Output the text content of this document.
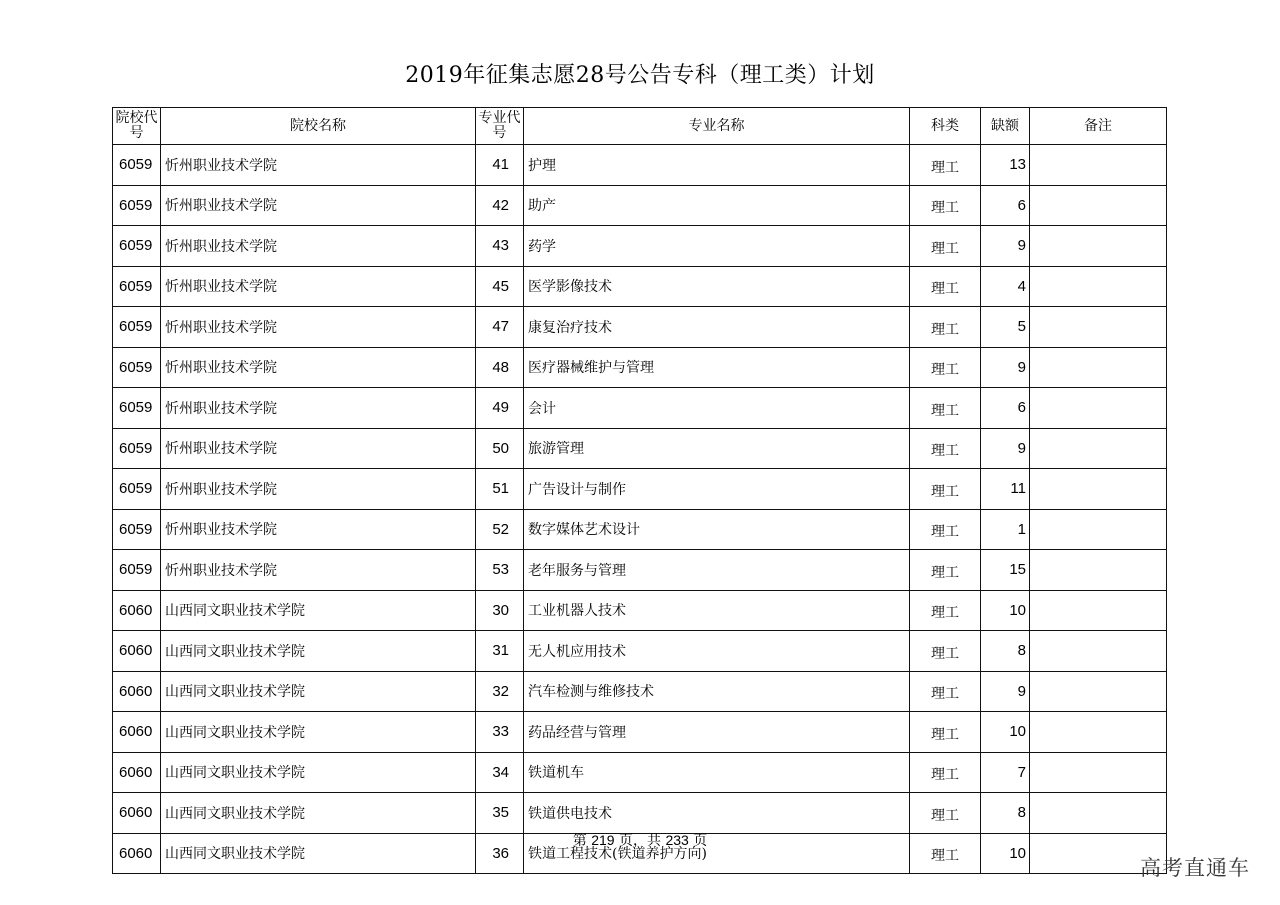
2019年征集志愿28号公告专科（理工类）计划
院校代号	院校名称	专业代号	专业名称	科类	缺额	备注
6059	忻州职业技术学院	41	护理	理工	13	
6059	忻州职业技术学院	42	助产	理工	6	
6059	忻州职业技术学院	43	药学	理工	9	
6059	忻州职业技术学院	45	医学影像技术	理工	4	
6059	忻州职业技术学院	47	康复治疗技术	理工	5	
6059	忻州职业技术学院	48	医疗器械维护与管理	理工	9	
6059	忻州职业技术学院	49	会计	理工	6	
6059	忻州职业技术学院	50	旅游管理	理工	9	
6059	忻州职业技术学院	51	广告设计与制作	理工	11	
6059	忻州职业技术学院	52	数字媒体艺术设计	理工	1	
6059	忻州职业技术学院	53	老年服务与管理	理工	15	
6060	山西同文职业技术学院	30	工业机器人技术	理工	10	
6060	山西同文职业技术学院	31	无人机应用技术	理工	8	
6060	山西同文职业技术学院	32	汽车检测与维修技术	理工	9	
6060	山西同文职业技术学院	33	药品经营与管理	理工	10	
6060	山西同文职业技术学院	34	铁道机车	理工	7	
6060	山西同文职业技术学院	35	铁道供电技术	理工	8	
6060	山西同文职业技术学院	36	铁道工程技术(铁道养护方向)	理工	10	
第 219 页，共 233 页
高考直通车
